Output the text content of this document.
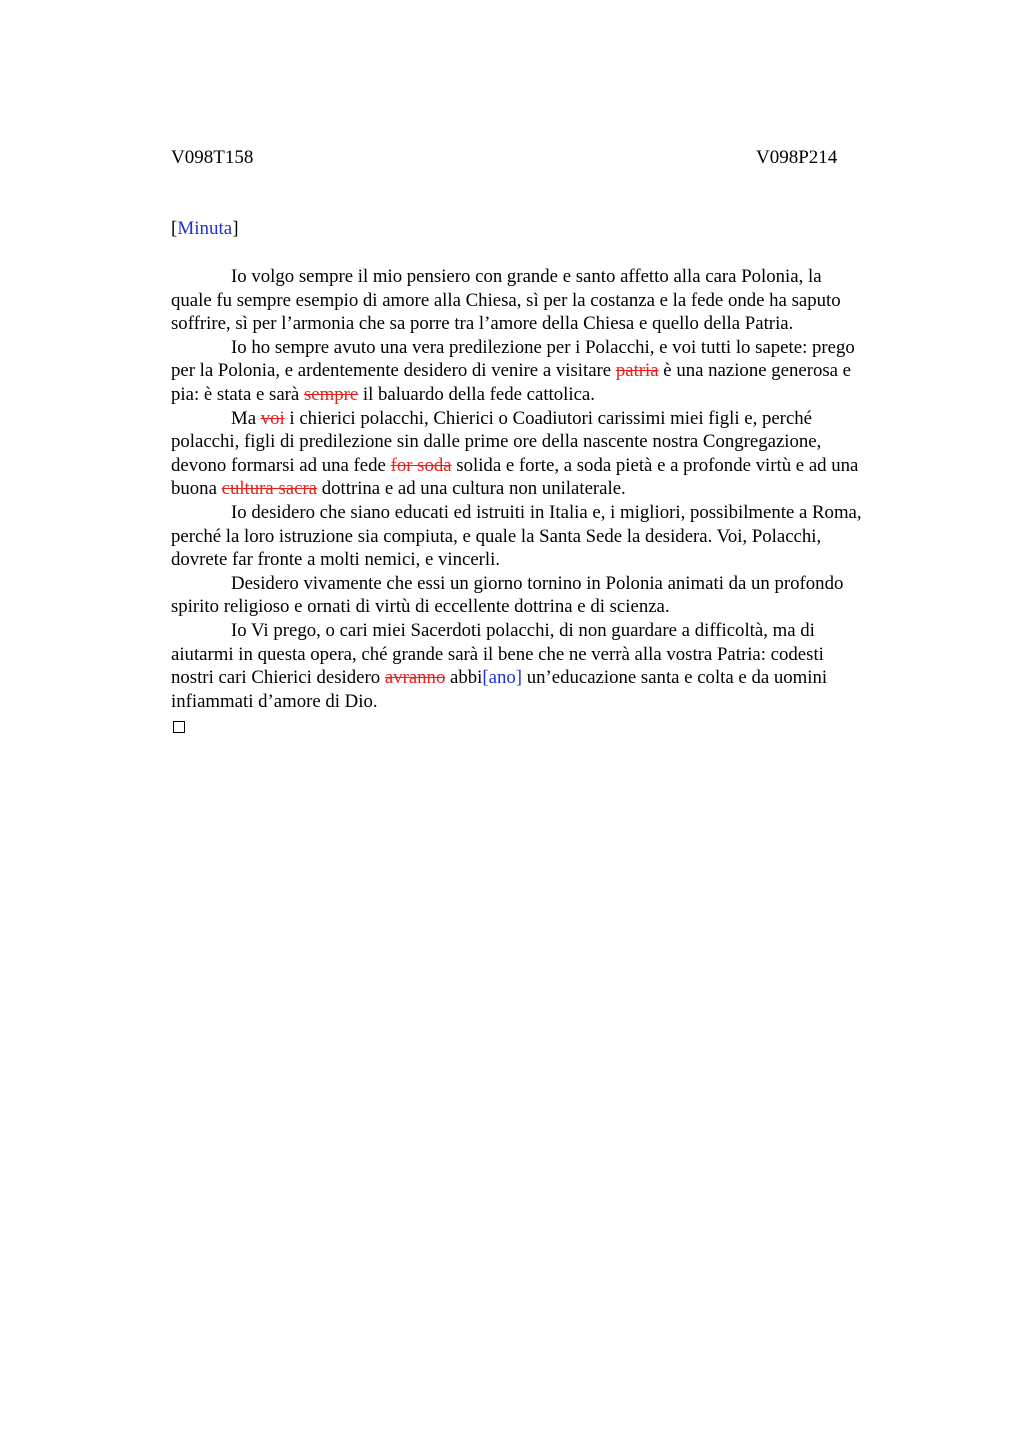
V098T158	V098P214
[Minuta]
Io volgo sempre il mio pensiero con grande e santo affetto alla cara Polonia, la
quale fu sempre esempio di amore alla Chiesa, sì per la costanza e la fede onde ha saputo
soffrire, sì per l’armonia che sa porre tra l’amore della Chiesa e quello della Patria.
Io ho sempre avuto una vera predilezione per i Polacchi, e voi tutti lo sapete: prego
per la Polonia, e ardentemente desidero di venire a visitare patria è una nazione generosa e
pia: è stata e sarà sempre il baluardo della fede cattolica.
Ma voi i chierici polacchi, Chierici o Coadiutori carissimi miei figli e, perché
polacchi, figli di predilezione sin dalle prime ore della nascente nostra Congregazione,
devono formarsi ad una fede for soda solida e forte, a soda pietà e a profonde virtù e ad una
buona cultura sacra dottrina e ad una cultura non unilaterale.
Io desidero che siano educati ed istruiti in Italia e, i migliori, possibilmente a Roma,
perché la loro istruzione sia compiuta, e quale la Santa Sede la desidera. Voi, Polacchi,
dovrete far fronte a molti nemici, e vincerli.
Desidero vivamente che essi un giorno tornino in Polonia animati da un profondo
spirito religioso e ornati di virtù di eccellente dottrina e di scienza.
Io Vi prego, o cari miei Sacerdoti polacchi, di non guardare a difficoltà, ma di
aiutarmi in questa opera, ché grande sarà il bene che ne verrà alla vostra Patria: codesti
nostri cari Chierici desidero avranno abbi[ano] un’educazione santa e colta e da uomini
infiammati d’amore di Dio.
